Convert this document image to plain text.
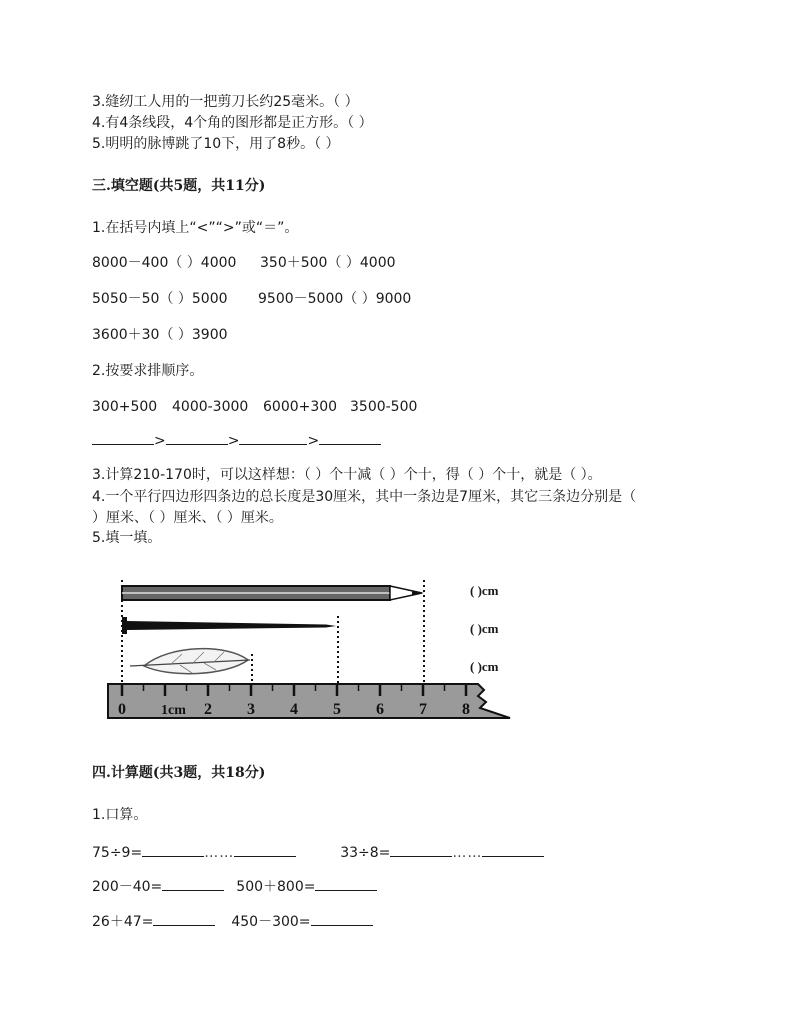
3.缝纫工人用的一把剪刀长约25毫米。（ ）
4.有4条线段，4个角的图形都是正方形。（ ）
5.明明的脉博跳了10下，用了8秒。（ ）
三.填空题(共5题，共11分)
1.在括号内填上“<”“>”或“＝”。
8000－400（ ）4000 350＋500（ ）4000
5050－50（ ）5000 9500－5000（ ）9000
3600＋30（ ）3900
2.按要求排顺序。
300+500 4000-3000 6000+300 3500-500
>	>	>
3.计算210-170时，可以这样想：（ ）个十减（ ）个十，得（ ）个十，就是（ ）。
4.一个平行四边形四条边的总长度是30厘米，其中一条边是7厘米，其它三条边分别是（
）厘米、（ ）厘米、（ ）厘米。
5.填一填。
0	1cm 2 3 4 5 6 7 8
( )cm
( )cm
( )cm
四.计算题(共3题，共18分)
1.口算。
75÷9=	……	33÷8=	……
200－40=	500＋800=
26＋47=	450－300=
